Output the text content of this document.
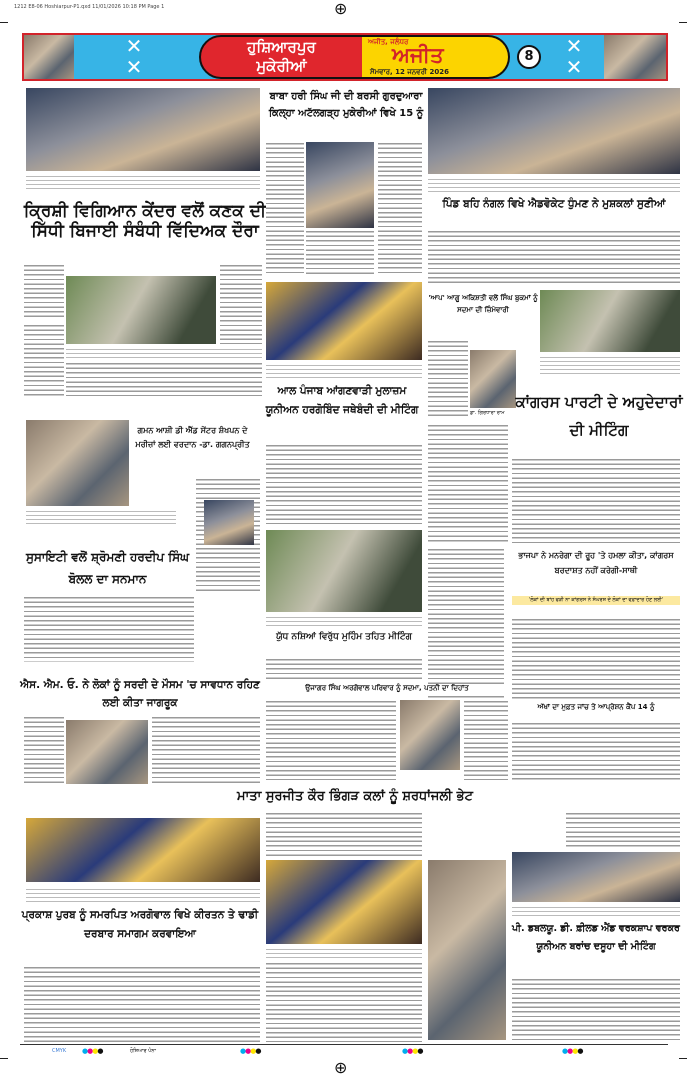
1212 E8-06 Hoshiarpur-P1.qxd 11/01/2026 10:18 PM Page 1	⊕
✕
✕
✕
✕
ਹੁਸ਼ਿਆਰਪੁਰ
ਮੁਕੇਰੀਆਂ
ਅਜੀਤ, ਜਲੰਧਰ
ਅਜੀਤ
ਸੋਮਵਾਰ, 12 ਜਨਵਰੀ 2026
8
ਕ੍ਰਿਸ਼ੀ ਵਿਗਿਆਨ ਕੇਂਦਰ ਵਲੋਂ ਕਣਕ ਦੀ ਸਿੱਧੀ ਬਿਜਾਈ ਸੰਬੰਧੀ ਵਿੱਦਿਅਕ ਦੌਰਾ
ਗਮਨ ਆਸ਼ੀ ਡੀ ਐੱਡ ਸੇਂਟਰ ਸ਼ੰਖਪਨ ਦੇ ਮਰੀਜ਼ਾਂ ਲਈ ਵਰਦਾਨ -ਡਾ. ਗਗਨਪ੍ਰੀਤ
ਸੁਸਾਇਟੀ ਵਲੋਂ ਸ਼੍ਰੋਮਣੀ ਹਰਦੀਪ ਸਿੰਘ ਬੋਲਲ ਦਾ ਸਨਮਾਨ
ਐਸ. ਐਮ. ਓ. ਨੇ ਲੋਕਾਂ ਨੂੰ ਸਰਦੀ ਦੇ ਮੌਸਮ 'ਚ ਸਾਵਧਾਨ ਰਹਿਣ ਲਈ ਕੀਤਾ ਜਾਗਰੂਕ
ਪ੍ਰਕਾਸ਼ ਪੁਰਬ ਨੂੰ ਸਮਰਪਿਤ ਅਰਗੋਵਾਲ ਵਿਖੇ ਕੀਰਤਨ ਤੇ ਢਾਡੀ ਦਰਬਾਰ ਸਮਾਗਮ ਕਰਵਾਇਆ
ਬਾਬਾ ਹਰੀ ਸਿੰਘ ਜੀ ਦੀ ਬਰਸੀ ਗੁਰਦੁਆਰਾ ਕਿਲ੍ਹਾ ਅਟੱਲਗੜ੍ਹ ਮੁਕੇਰੀਆਂ ਵਿਖੇ 15 ਨੂੰ
ਆਲ ਪੰਜਾਬ ਆਂਗਣਵਾੜੀ ਮੁਲਾਜ਼ਮ ਯੂਨੀਅਨ ਹਰਗੋਬਿੰਦ ਜਥੇਬੰਦੀ ਦੀ ਮੀਟਿੰਗ
ਯੁੱਧ ਨਸ਼ਿਆਂ ਵਿਰੁੱਧ ਮੁਹਿੰਮ ਤਹਿਤ ਮੀਟਿੰਗ
ਉਜਾਗਰ ਸਿੰਘ ਅਰਗੋਵਾਲ ਪਰਿਵਾਰ ਨੂੰ ਸਦਮਾ, ਪਤਨੀ ਦਾ ਦਿਹਾਂਤ
ਮਾਤਾ ਸੁਰਜੀਤ ਕੌਰ ਭਿੰਗੜ ਕਲਾਂ ਨੂੰ ਸ਼ਰਧਾਂਜਲੀ ਭੇਟ
ਪਿੰਡ ਬਹਿ ਨੰਗਲ ਵਿਖੇ ਐਡਵੋਕੇਟ ਧੁੰਮਣ ਨੇ ਮੁਸ਼ਕਲਾਂ ਸੁਣੀਆਂ
'ਆਪ' ਆਗੂ ਅਕਿਸ਼ਤੀ ਵਲੋਂ ਸਿੰਘ ਬੁਕਮਾਂ ਨੂੰ ਸਦਮਾ ਦੀ ਜ਼ਿੰਮੇਵਾਰੀ
ਡਾ. ਗਿਰਧਾਰਾ ਰਾਮ
ਕਾਂਗਰਸ ਪਾਰਟੀ ਦੇ ਅਹੁਦੇਦਾਰਾਂ ਦੀ ਮੀਟਿੰਗ
ਭਾਜਪਾ ਨੇ ਮਨਰੇਗਾ ਦੀ ਰੂਹ 'ਤੇ ਹਮਲਾ ਕੀਤਾ, ਕਾਂਗਰਸ ਬਰਦਾਸ਼ਤ ਨਹੀਂ ਕਰੇਗੀ-ਸਾਥੀ
'ਲੋਕਾਂ ਦੀ ਬਾਂਹ ਫੜੀ ਨਾ ਕਾਂਗਰਸ ਨੇ ਸੰਘਰਸ਼ ਦੇ ਲੋਕਾਂ ਦਾ ਵਫ਼ਾਦਾਰ ਹੋਣ ਲਈ'
ਅੱਖਾਂ ਦਾ ਮੁਫ਼ਤ ਜਾਂਚ ਤੇ ਆਪ੍ਰੇਸ਼ਨ ਕੈਂਪ 14 ਨੂੰ
ਪੀ. ਡਬਲਯੂ. ਡੀ. ਫ਼ੀਲਡ ਐਂਡ ਵਰਕਸ਼ਾਪ ਵਰਕਰ ਯੂਨੀਅਨ ਬਰਾਂਚ ਦਸੂਹਾ ਦੀ ਮੀਟਿੰਗ
CMYK ●●●●	ਹੋਸ਼ਿਆਰ ਪੰਨਾ	●●●●	●●●●	●●●●
⊕
